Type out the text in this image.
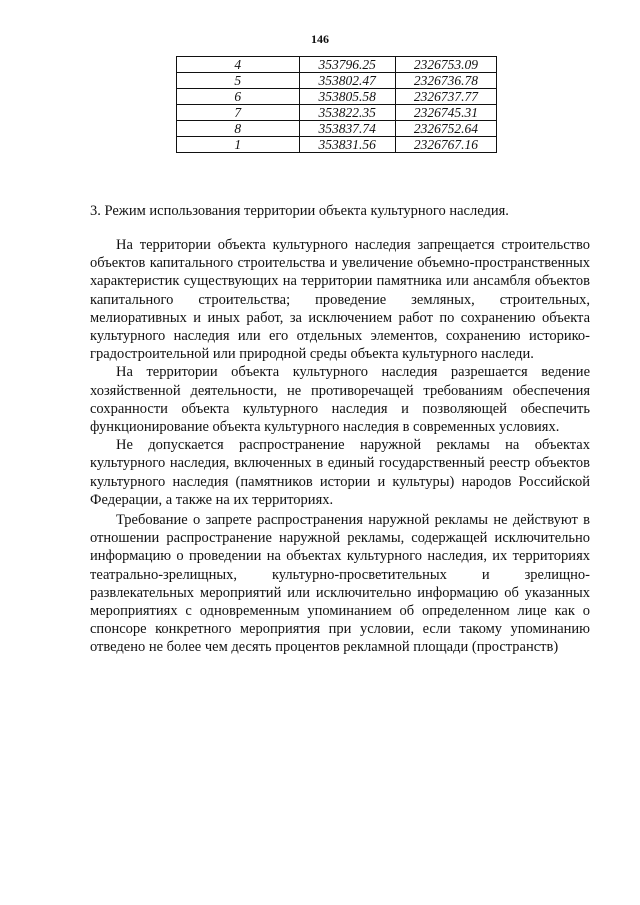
146
4	353796.25	2326753.09
5	353802.47	2326736.78
6	353805.58	2326737.77
7	353822.35	2326745.31
8	353837.74	2326752.64
1	353831.56	2326767.16
3. Режим использования территории объекта культурного наследия.

На территории объекта культурного наследия запрещается строительство объектов капитального строительства и увеличение объемно-пространственных характеристик существующих на территории памятника или ансамбля объектов капитального строительства; проведение земляных, строительных, мелиоративных и иных работ, за исключением работ по сохранению объекта культурного наследия или его отдельных элементов, сохранению историко-градостроительной или природной среды объекта культурного наследи.

На территории объекта культурного наследия разрешается ведение хозяйственной деятельности, не противоречащей требованиям обеспечения сохранности объекта культурного наследия и позволяющей обеспечить функционирование объекта культурного наследия в современных условиях.

Не допускается распространение наружной рекламы на объектах культурного наследия, включенных в единый государственный реестр объектов культурного наследия (памятников истории и культуры) народов Российской Федерации, а также на их территориях.

Требование о запрете распространения наружной рекламы не действуют в отношении распространение наружной рекламы, содержащей исключительно информацию о проведении на объектах культурного наследия, их территориях театрально-зрелищных, культурно-просветительных и зрелищно-развлекательных мероприятий или исключительно информацию об указанных мероприятиях с одновременным упоминанием об определенном лице как о спонсоре конкретного мероприятия при условии, если такому упоминанию отведено не более чем десять процентов рекламной площади (пространств)
